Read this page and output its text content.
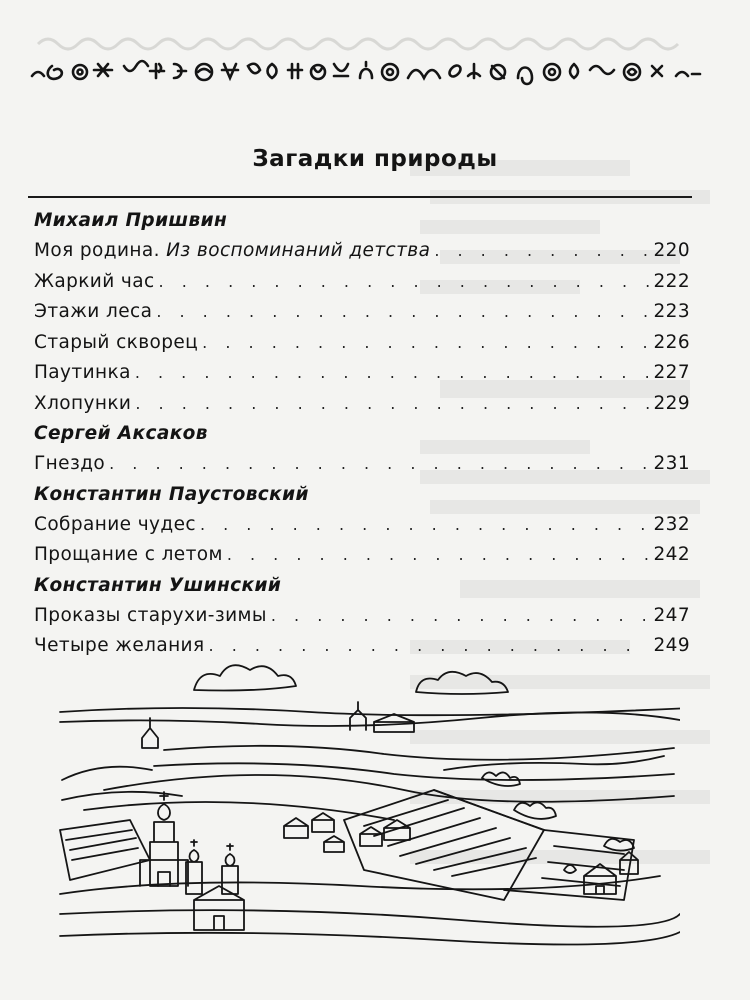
Загадки природы
Михаил Пришвин
Моя родина. Из воспоминаний детства . . .	220
Жаркий час . . .	222
Этажи леса . . .	223
Старый скворец . . .	226
Паутинка . . .	227
Хлопунки . . .	229
Сергей Аксаков
Гнездо . . .	231
Константин Паустовский
Собрание чудес . . .	232
Прощание с летом . . .	242
Константин Ушинский
Проказы старухи-зимы . . .	247
Четыре желания . . .	249
